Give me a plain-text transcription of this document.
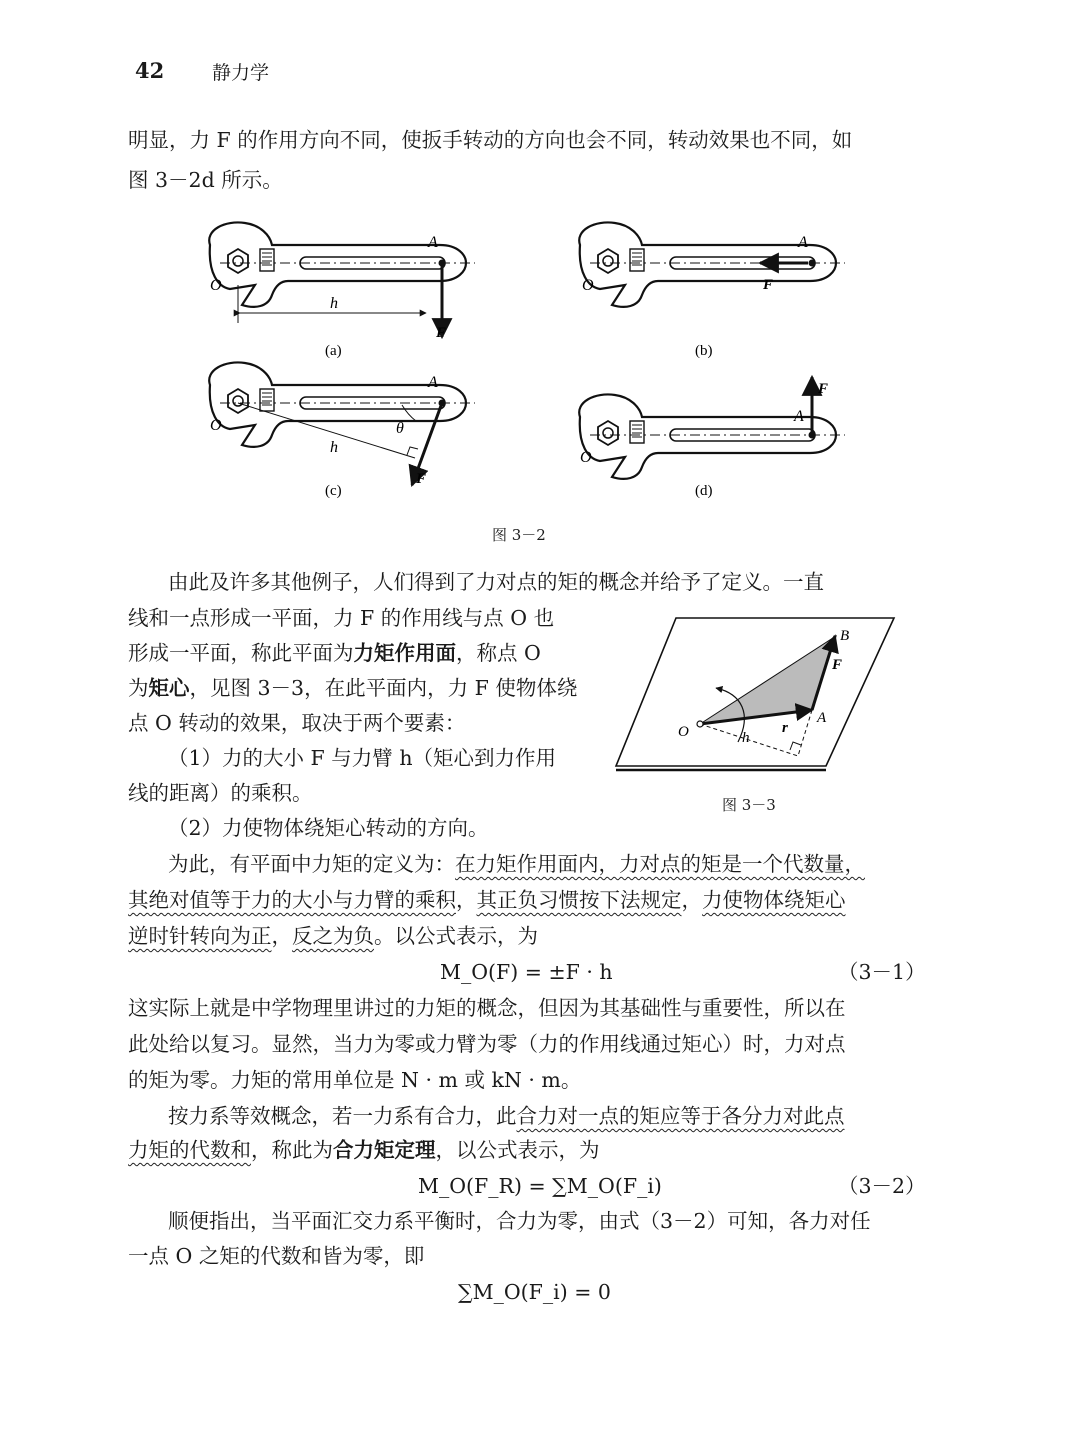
42	静力学
明显，力 F 的作用方向不同，使扳手转动的方向也会不同，转动效果也不同，如
图 3－2d 所示。
O
A
F
h
(a)
O
A
F
(b)
O
A
F
θ
h
(c)
O
A
F
(d)
图 3－2
由此及许多其他例子，人们得到了力对点的矩的概念并给予了定义。一直
线和一点形成一平面，力 F 的作用线与点 O 也
形成一平面，称此平面为力矩作用面，称点 O
为矩心，见图 3－3，在此平面内，力 F 使物体绕
点 O 转动的效果，取决于两个要素：
（1）力的大小 F 与力臂 h（矩心到力作用
线的距离）的乘积。
（2）力使物体绕矩心转动的方向。
B
F
A
O	r
h
图 3－3
为此，有平面中力矩的定义为：在力矩作用面内，力对点的矩是一个代数量，
其绝对值等于力的大小与力臂的乘积，其正负习惯按下法规定，力使物体绕矩心
逆时针转向为正，反之为负。以公式表示，为
M_O(F) = ±F · h	（3－1）
这实际上就是中学物理里讲过的力矩的概念，但因为其基础性与重要性，所以在
此处给以复习。显然，当力为零或力臂为零（力的作用线通过矩心）时，力对点
的矩为零。力矩的常用单位是 N · m 或 kN · m。
按力系等效概念，若一力系有合力，此合力对一点的矩应等于各分力对此点
力矩的代数和，称此为合力矩定理，以公式表示，为
M_O(F_R) = ∑M_O(F_i)	（3－2）
顺便指出，当平面汇交力系平衡时，合力为零，由式（3－2）可知，各力对任
一点 O 之矩的代数和皆为零，即
∑M_O(F_i) = 0
